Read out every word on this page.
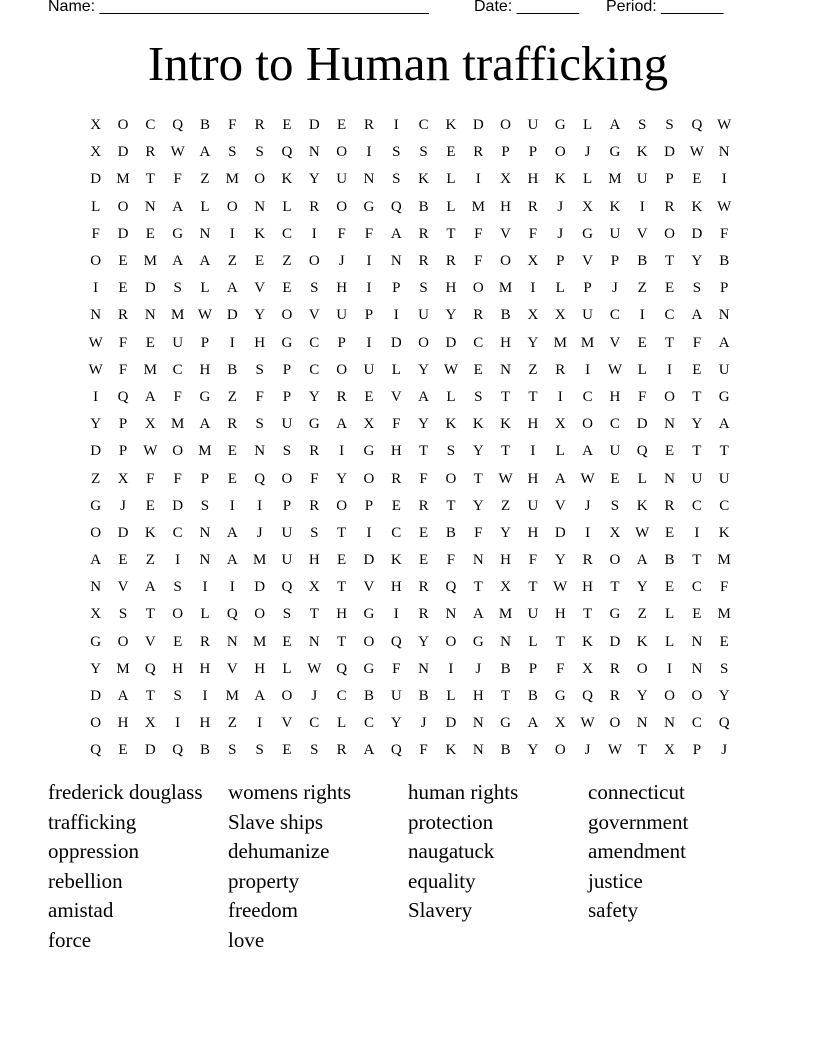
Name: _____________________________________	Date: _______ Period: _______
Intro to Human trafficking
X	O	C	Q	B	F	R	E	D	E	R	I	C	K	D	O	U	G	L	A	S	S	Q W
X	D	R	W A	S	S	Q	N	O	I	S	S	E	R	P	P	O	J	G	K	D W N
D	M	T	F	Z	M	O	K	Y	U	N	S	K	L	I	X	H	K	L	M	U	P	E	I
L	O	N	A	L	O	N	L	R	O	G	Q	B	L	M	H	R	J	X	K	I	R	K W
F	D	E	G	N	I	K	C	I	F	F	A	R	T	F	V	F	J	G	U	V	O	D	F
O	E	M	A	A	Z	E	Z	O	J	I	N	R	R	F	O	X	P	V	P	B	T	Y	B
I	E	D	S	L	A	V	E	S	H	I	P	S	H	O	M	I	L	P	J	Z	E	S	P
N	R	N	M W D	Y	O	V	U	P	I	U	Y	R	B	X	X	U	C	I	C	A	N
W	F	E	U	P	I	H	G	C	P	I	D	O	D	C	H	Y	M M	V	E	T	F	A
W	F	M	C	H	B	S	P	C	O	U	L	Y W	E	N	Z	R	I	W	L	I	E	U
I	Q	A	F	G	Z	F	P	Y	R	E	V	A	L	S	T	T	I	C	H	F	O	T	G
Y	P	X	M	A	R	S	U	G	A	X	F	Y	K	K	K	H	X	O	C	D	N	Y	A
D	P	W O	M	E	N	S	R	I	G	H	T	S	Y	T	I	L	A	U	Q	E	T	T
Z	X	F	F	P	E	Q	O	F	Y	O	R	F	O	T	W H	A W	E	L	N	U	U
G	J	E	D	S	I	I	P	R	O	P	E	R	T	Y	Z	U	V	J	S	K	R	C	C
O	D	K	C	N	A	J	U	S	T	I	C	E	B	F	Y	H	D	I	X W	E	I	K
A	E	Z	I	N	A	M	U	H	E	D	K	E	F	N	H	F	Y	R	O	A	B	T	M
N	V	A	S	I	I	D	Q	X	T	V	H	R	Q	T	X	T	W H	T	Y	E	C	F
X	S	T	O	L	Q	O	S	T	H	G	I	R	N	A	M	U	H	T	G	Z	L	E	M
G	O	V	E	R	N	M	E	N	T	O	Q	Y	O	G	N	L	T	K	D	K	L	N	E
Y	M	Q	H	H	V	H	L	W Q	G	F	N	I	J	B	P	F	X	R	O	I	N	S
D	A	T	S	I	M	A	O	J	C	B	U	B	L	H	T	B	G	Q	R	Y	O	O	Y
O	H	X	I	H	Z	I	V	C	L	C	Y	J	D	N	G	A	X W O	N	N	C	Q
Q	E	D	Q	B	S	S	E	S	R	A	Q	F	K	N	B	Y	O	J	W	T	X	P	J
frederick douglass	womens rights	human rights	connecticut
trafficking	Slave ships	protection	government
oppression	dehumanize	naugatuck	amendment
rebellion	property	equality	justice
amistad	freedom	Slavery	safety
force	love
